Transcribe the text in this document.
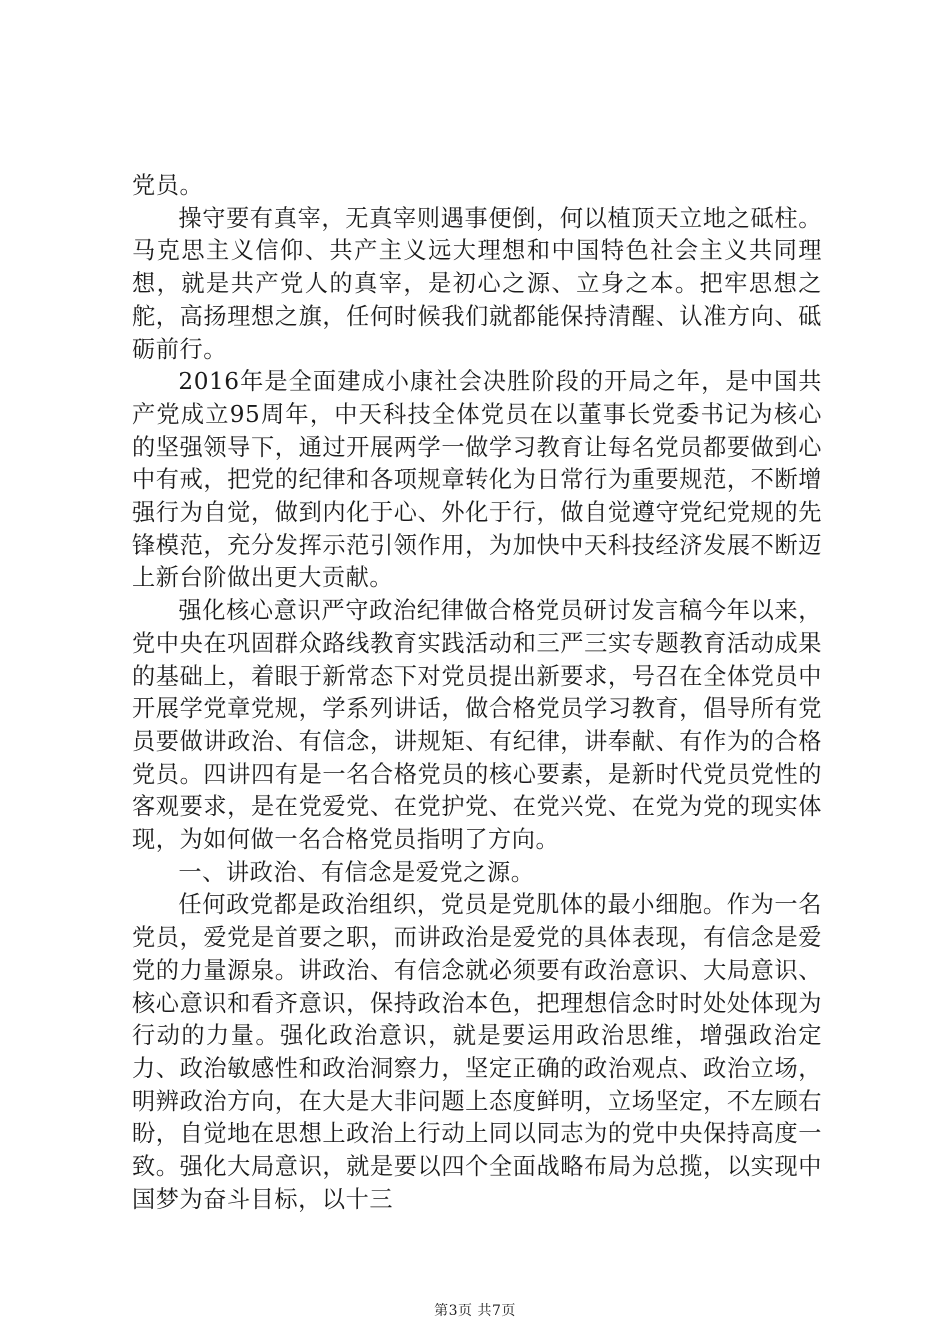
党员。

操守要有真宰，无真宰则遇事便倒，何以植顶天立地之砥柱。马克思主义信仰、共产主义远大理想和中国特色社会主义共同理想，就是共产党人的真宰，是初心之源、立身之本。把牢思想之舵，高扬理想之旗，任何时候我们就都能保持清醒、认准方向、砥砺前行。

2016年是全面建成小康社会决胜阶段的开局之年，是中国共产党成立95周年，中天科技全体党员在以董事长党委书记为核心的坚强领导下，通过开展两学一做学习教育让每名党员都要做到心中有戒，把党的纪律和各项规章转化为日常行为重要规范，不断增强行为自觉，做到内化于心、外化于行，做自觉遵守党纪党规的先锋模范，充分发挥示范引领作用，为加快中天科技经济发展不断迈上新台阶做出更大贡献。

强化核心意识严守政治纪律做合格党员研讨发言稿今年以来，党中央在巩固群众路线教育实践活动和三严三实专题教育活动成果的基础上，着眼于新常态下对党员提出新要求，号召在全体党员中开展学党章党规，学系列讲话，做合格党员学习教育，倡导所有党员要做讲政治、有信念，讲规矩、有纪律，讲奉献、有作为的合格党员。四讲四有是一名合格党员的核心要素，是新时代党员党性的客观要求，是在党爱党、在党护党、在党兴党、在党为党的现实体现，为如何做一名合格党员指明了方向。

一、讲政治、有信念是爱党之源。

任何政党都是政治组织，党员是党肌体的最小细胞。作为一名党员，爱党是首要之职，而讲政治是爱党的具体表现，有信念是爱党的力量源泉。讲政治、有信念就必须要有政治意识、大局意识、核心意识和看齐意识，保持政治本色，把理想信念时时处处体现为行动的力量。强化政治意识，就是要运用政治思维，增强政治定力、政治敏感性和政治洞察力，坚定正确的政治观点、政治立场，明辨政治方向，在大是大非问题上态度鲜明，立场坚定，不左顾右盼，自觉地在思想上政治上行动上同以同志为的党中央保持高度一致。强化大局意识，就是要以四个全面战略布局为总揽，以实现中国梦为奋斗目标，以十三

第3页 共7页
